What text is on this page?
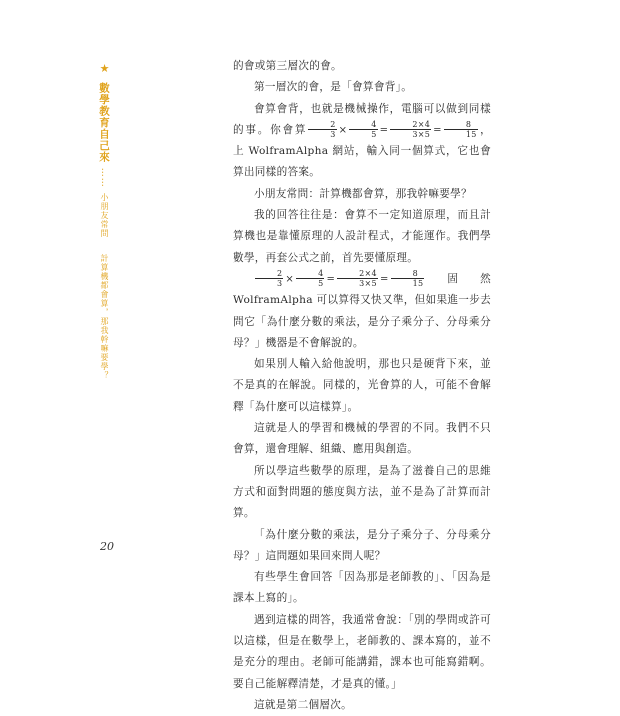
★ 數學教育自己來 …… 小朋友常問  計算機都會算，那我幹嘛要學？
20

的會或第三層次的會。

第一層次的會，是「會算會背」。

會算會背，也就是機械操作，電腦可以做到同樣的事。你會算 $\frac{2}{3} \times \frac{4}{5} = \frac{2\times 4}{3\times 5} = \frac{8}{15}$ ，上 WolframAlpha 網站，輸入同一個算式，它也會算出同樣的答案。

小朋友常問：計算機都會算，那我幹嘛要學？

我的回答往往是：會算不一定知道原理，而且計算機也是靠懂原理的人設計程式，才能運作。我們學數學，再套公式之前，首先要懂原理。

$\frac{2}{3} \times \frac{4}{5} = \frac{2\times 4}{3\times 5} = \frac{8}{15}$ 固然 WolframAlpha 可以算得又快又準，但如果進一步去問它「為什麼分數的乘法，是分子乘分子、分母乘分母？」機器是不會解說的。

如果別人輸入給他說明，那也只是硬背下來，並不是真的在解說。同樣的，光會算的人，可能不會解釋「為什麼可以這樣算」。

這就是人的學習和機械的學習的不同。我們不只會算，還會理解、組織、應用與創造。

所以學這些數學的原理，是為了滋養自己的思維方式和面對問題的態度與方法，並不是為了計算而計算。

「為什麼分數的乘法，是分子乘分子、分母乘分母？」這問題如果回來問人呢？

有些學生會回答「因為那是老師教的」、「因為是課本上寫的」。

遇到這樣的問答，我通常會說：「別的學問或許可以這樣，但是在數學上，老師教的、課本寫的，並不是充分的理由。老師可能講錯，課本也可能寫錯啊。要自己能解釋清楚，才是真的懂。」

這就是第二個層次。
